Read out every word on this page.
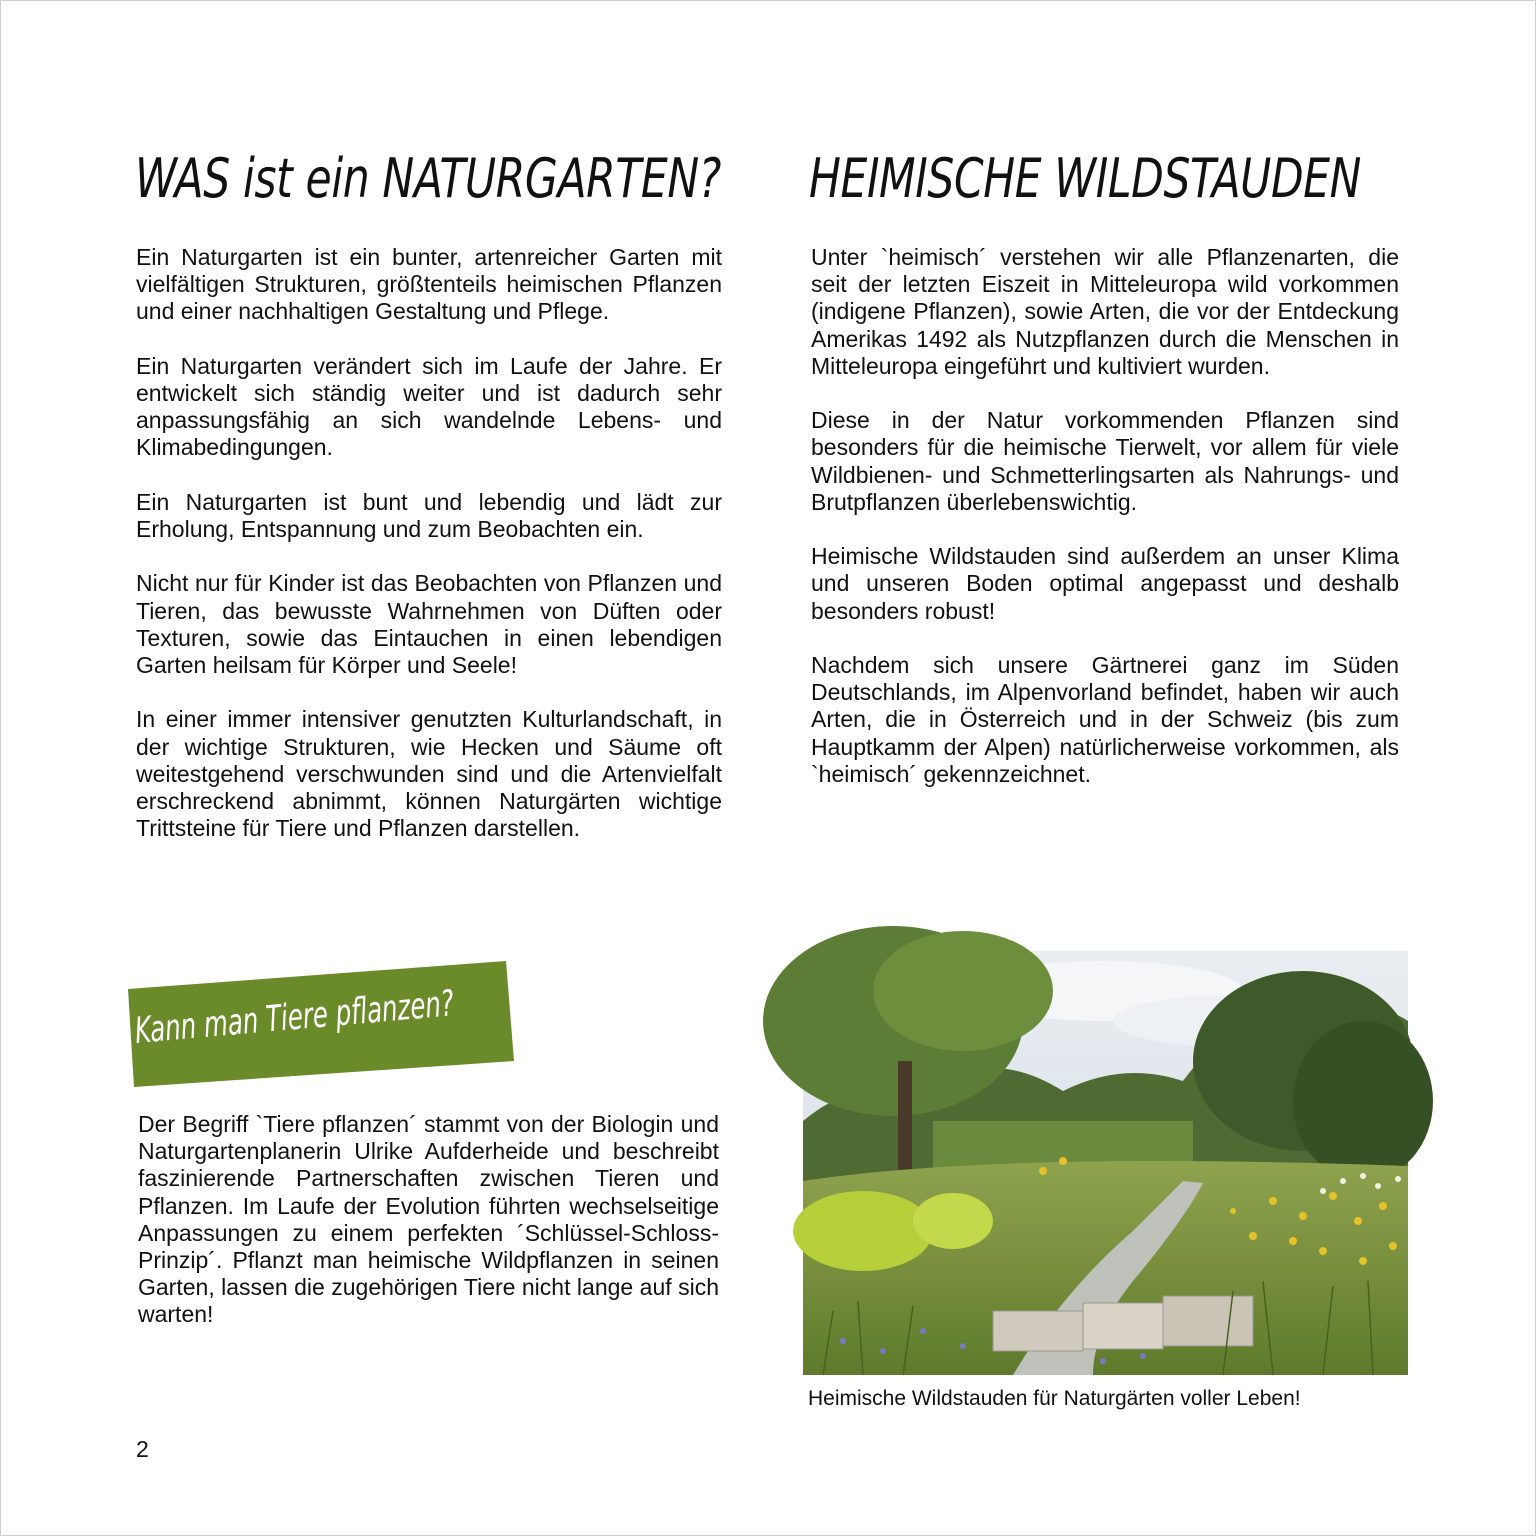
WAS ist ein NATURGARTEN? HEIMISCHE WILDSTAUDEN

Ein Naturgarten ist ein bunter, artenreicher Garten mit vielfältigen Strukturen, größtenteils heimischen Pflanzen und einer nachhaltigen Gestaltung und Pflege.

Ein Naturgarten verändert sich im Laufe der Jahre. Er entwickelt sich ständig weiter und ist dadurch sehr anpassungsfähig an sich wandelnde Lebens- und Klimabedingungen.

Ein Naturgarten ist bunt und lebendig und lädt zur Erholung, Entspannung und zum Beobachten ein.

Nicht nur für Kinder ist das Beobachten von Pflanzen und Tieren, das bewusste Wahrnehmen von Düften oder Texturen, sowie das Eintauchen in einen lebendigen Garten heilsam für Körper und Seele!

In einer immer intensiver genutzten Kulturlandschaft, in der wichtige Strukturen, wie Hecken und Säume oft weitestgehend verschwunden sind und die Artenvielfalt erschreckend abnimmt, können Naturgärten wichtige Trittsteine für Tiere und Pflanzen darstellen.

Unter `heimisch´ verstehen wir alle Pflanzenarten, die seit der letzten Eiszeit in Mitteleuropa wild vorkommen (indigene Pflanzen), sowie Arten, die vor der Entdeckung Amerikas 1492 als Nutzpflanzen durch die Menschen in Mitteleuropa eingeführt und kultiviert wurden.

Diese in der Natur vorkommenden Pflanzen sind besonders für die heimische Tierwelt, vor allem für viele Wildbienen- und Schmetterlingsarten als Nahrungs- und Brutpflanzen überlebenswichtig.

Heimische Wildstauden sind außerdem an unser Klima und unseren Boden optimal angepasst und deshalb besonders robust!

Nachdem sich unsere Gärtnerei ganz im Süden Deutschlands, im Alpenvorland befindet, haben wir auch Arten, die in Österreich und in der Schweiz (bis zum Hauptkamm der Alpen) natürlicherweise vorkommen, als `heimisch´ gekennzeichnet.

Kann man Tiere pflanzen?

Der Begriff `Tiere pflanzen´ stammt von der Biologin und Naturgartenplanerin Ulrike Aufderheide und beschreibt faszinierende Partnerschaften zwischen Tieren und Pflanzen. Im Laufe der Evolution führten wechselseitige Anpassungen zu einem perfekten ´Schlüssel-Schloss-Prinzip´. Pflanzt man heimische Wildpflanzen in seinen Garten, lassen die zugehörigen Tiere nicht lange auf sich warten!

Heimische Wildstauden für Naturgärten voller Leben!
2
